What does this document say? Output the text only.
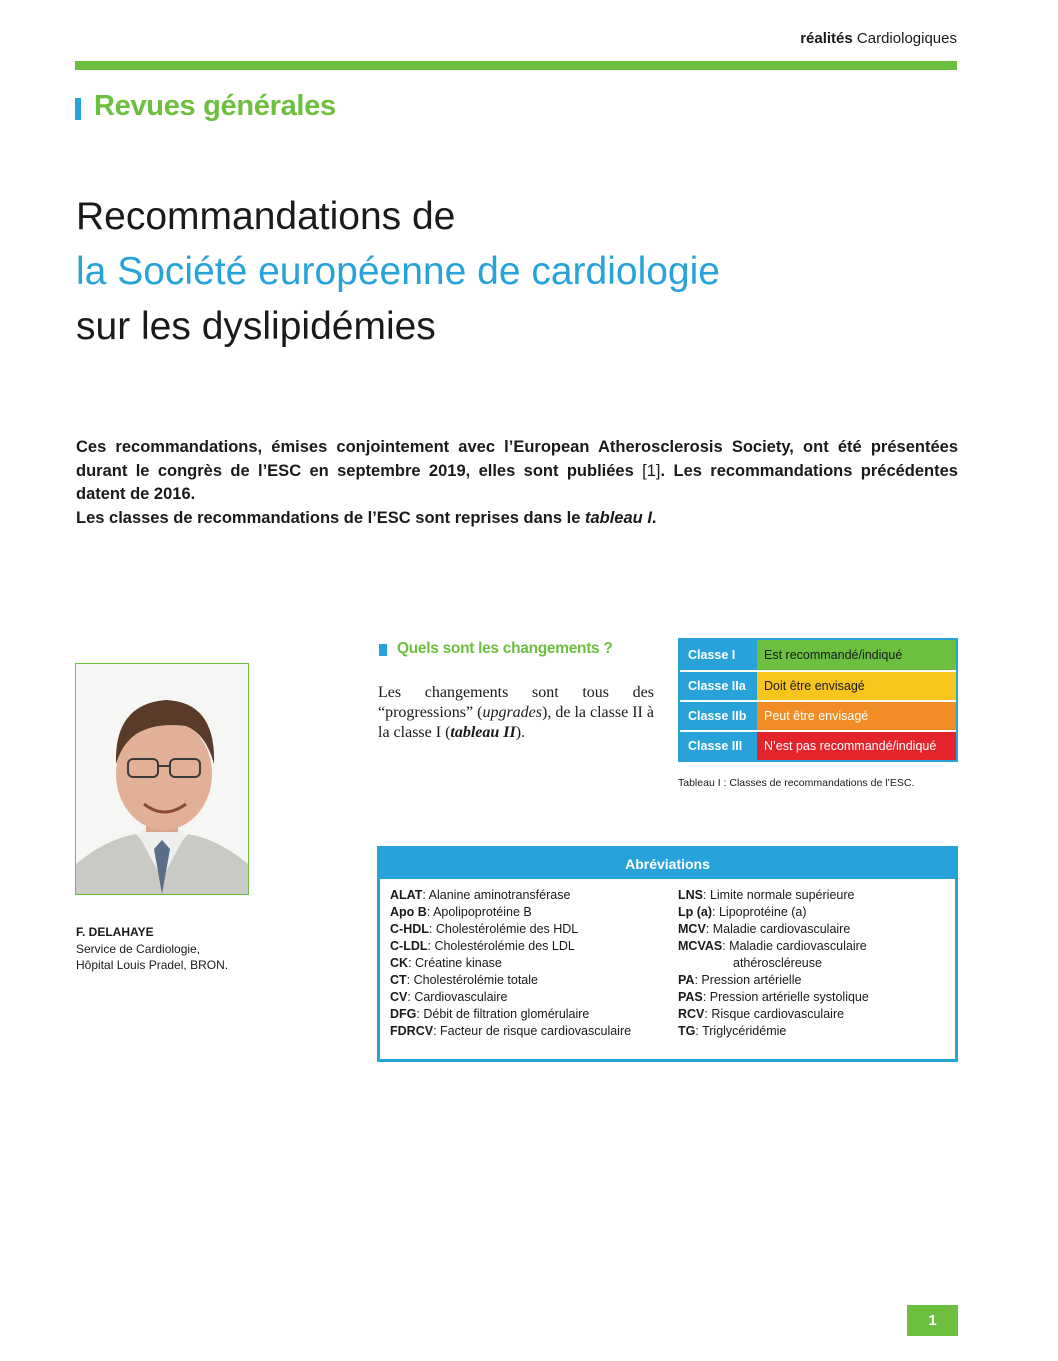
réalités Cardiologiques
Revues générales
Recommandations de
la Société européenne de cardiologie
sur les dyslipidémies

Ces recommandations, émises conjointement avec l’European Atherosclerosis Society, ont été présentées durant le congrès de l’ESC en septembre 2019, elles sont publiées [1]. Les recommandations précédentes datent de 2016.

Les classes de recommandations de l’ESC sont reprises dans le tableau I.

F. DELAHAYE
Service de Cardiologie,
Hôpital Louis Pradel, BRON.
Quels sont les changements ?
Les changements sont tous des “progressions” (upgrades), de la classe II à la classe I (tableau II).
Classe I	Est recommandé/indiqué
Classe IIa	Doit être envisagé
Classe IIb	Peut être envisagé
Classe III	N’est pas recommandé/indiqué
Tableau I : Classes de recommandations de l’ESC.
Abréviations
ALAT: Alanine aminotransférase
Apo B: Apolipoprotéine B
C-HDL: Cholestérolémie des HDL
C-LDL: Cholestérolémie des LDL
CK: Créatine kinase
CT: Cholestérolémie totale
CV: Cardiovasculaire
DFG: Débit de filtration glomérulaire
FDRCV: Facteur de risque cardiovasculaire
LNS: Limite normale supérieure
Lp (a): Lipoprotéine (a)
MCV: Maladie cardiovasculaire
MCVAS: Maladie cardiovasculaire
athéroscléreuse
PA: Pression artérielle
PAS: Pression artérielle systolique
RCV: Risque cardiovasculaire
TG: Triglycéridémie
1
